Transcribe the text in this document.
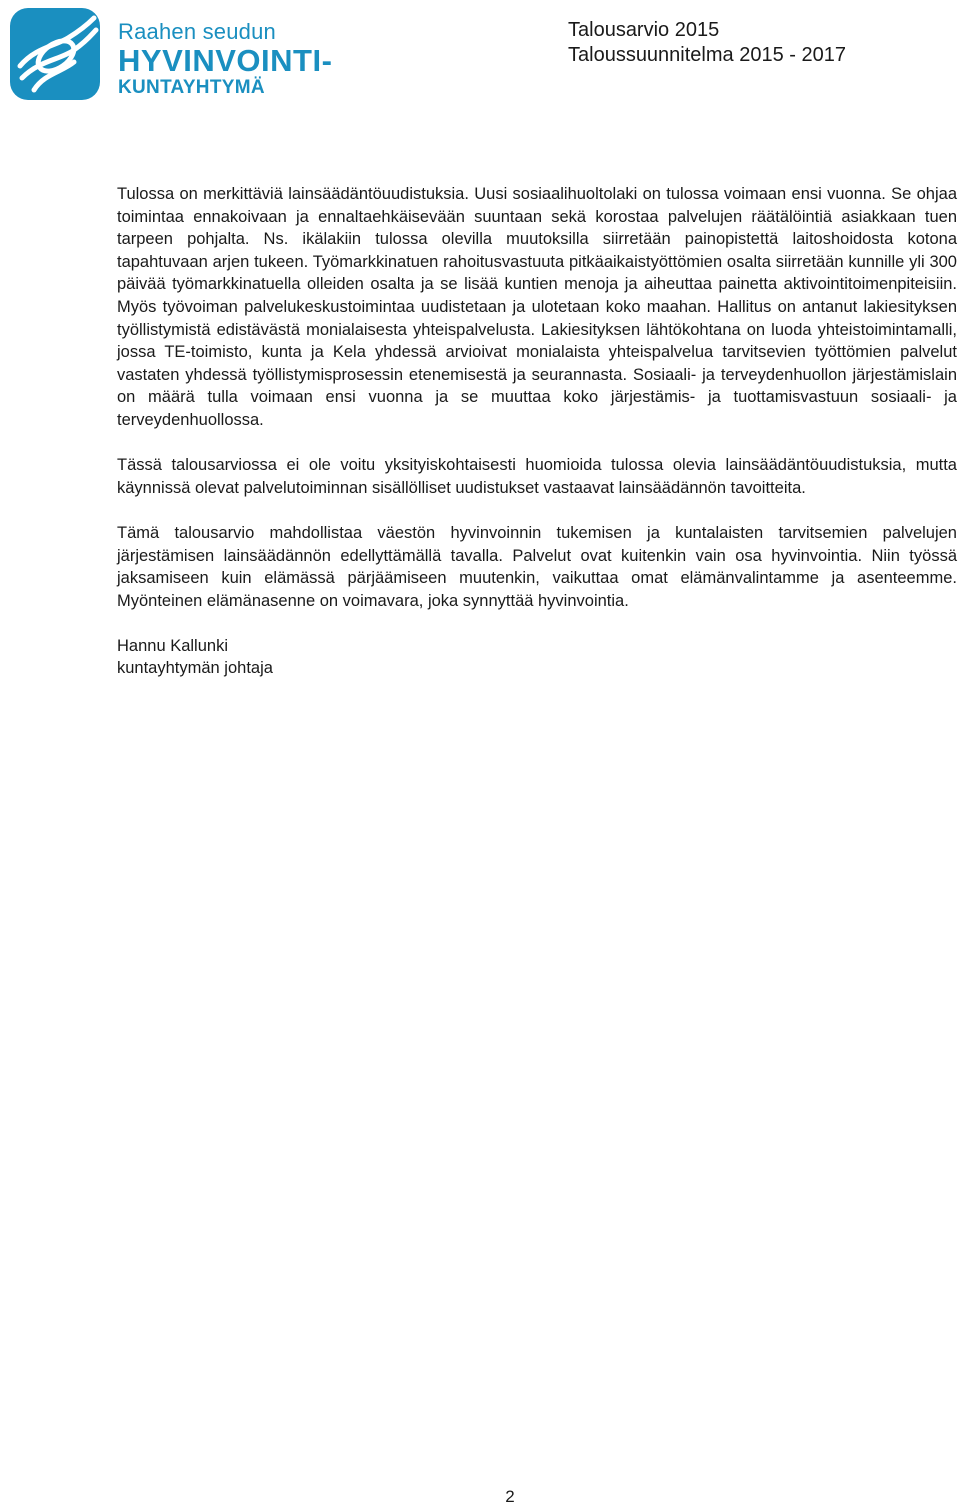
Raahen seudun
HYVINVOINTI-
KUNTAYHTYMÄ
Talousarvio 2015
Taloussuunnitelma 2015 - 2017

Tulossa on merkittäviä lainsäädäntöuudistuksia. Uusi sosiaalihuoltolaki on tulossa voimaan ensi vuonna. Se ohjaa toimintaa ennakoivaan ja ennaltaehkäisevään suuntaan sekä korostaa palvelujen räätälöintiä asiakkaan tuen tarpeen pohjalta. Ns. ikälakiin tulossa olevilla muutoksilla siirretään painopistettä laitoshoidosta kotona tapahtuvaan arjen tukeen. Työmarkkinatuen rahoitusvastuuta pitkäaikaistyöttömien osalta siirretään kunnille yli 300 päivää työmarkkinatuella olleiden osalta ja se lisää kuntien menoja ja aiheuttaa painetta aktivointitoimenpiteisiin. Myös työvoiman palvelukeskustoimintaa uudistetaan ja ulotetaan koko maahan. Hallitus on antanut lakiesityksen työllistymistä edistävästä monialaisesta yhteispalvelusta. Lakiesityksen lähtökohtana on luoda yhteistoimintamalli, jossa TE-toimisto, kunta ja Kela yhdessä arvioivat monialaista yhteispalvelua tarvitsevien työttömien palvelut vastaten yhdessä työllistymisprosessin etenemisestä ja seurannasta. Sosiaali- ja terveydenhuollon järjestämislain on määrä tulla voimaan ensi vuonna ja se muuttaa koko järjestämis- ja tuottamisvastuun sosiaali- ja terveydenhuollossa.

Tässä talousarviossa ei ole voitu yksityiskohtaisesti huomioida tulossa olevia lainsäädäntöuudistuksia, mutta käynnissä olevat palvelutoiminnan sisällölliset uudistukset vastaavat lainsäädännön tavoitteita.

Tämä talousarvio mahdollistaa väestön hyvinvoinnin tukemisen ja kuntalaisten tarvitsemien palvelujen järjestämisen lainsäädännön edellyttämällä tavalla. Palvelut ovat kuitenkin vain osa hyvinvointia. Niin työssä jaksamiseen kuin elämässä pärjäämiseen muutenkin, vaikuttaa omat elämänvalintamme ja asenteemme. Myönteinen elämänasenne on voimavara, joka synnyttää hyvinvointia.

Hannu Kallunki
kuntayhtymän johtaja
2
